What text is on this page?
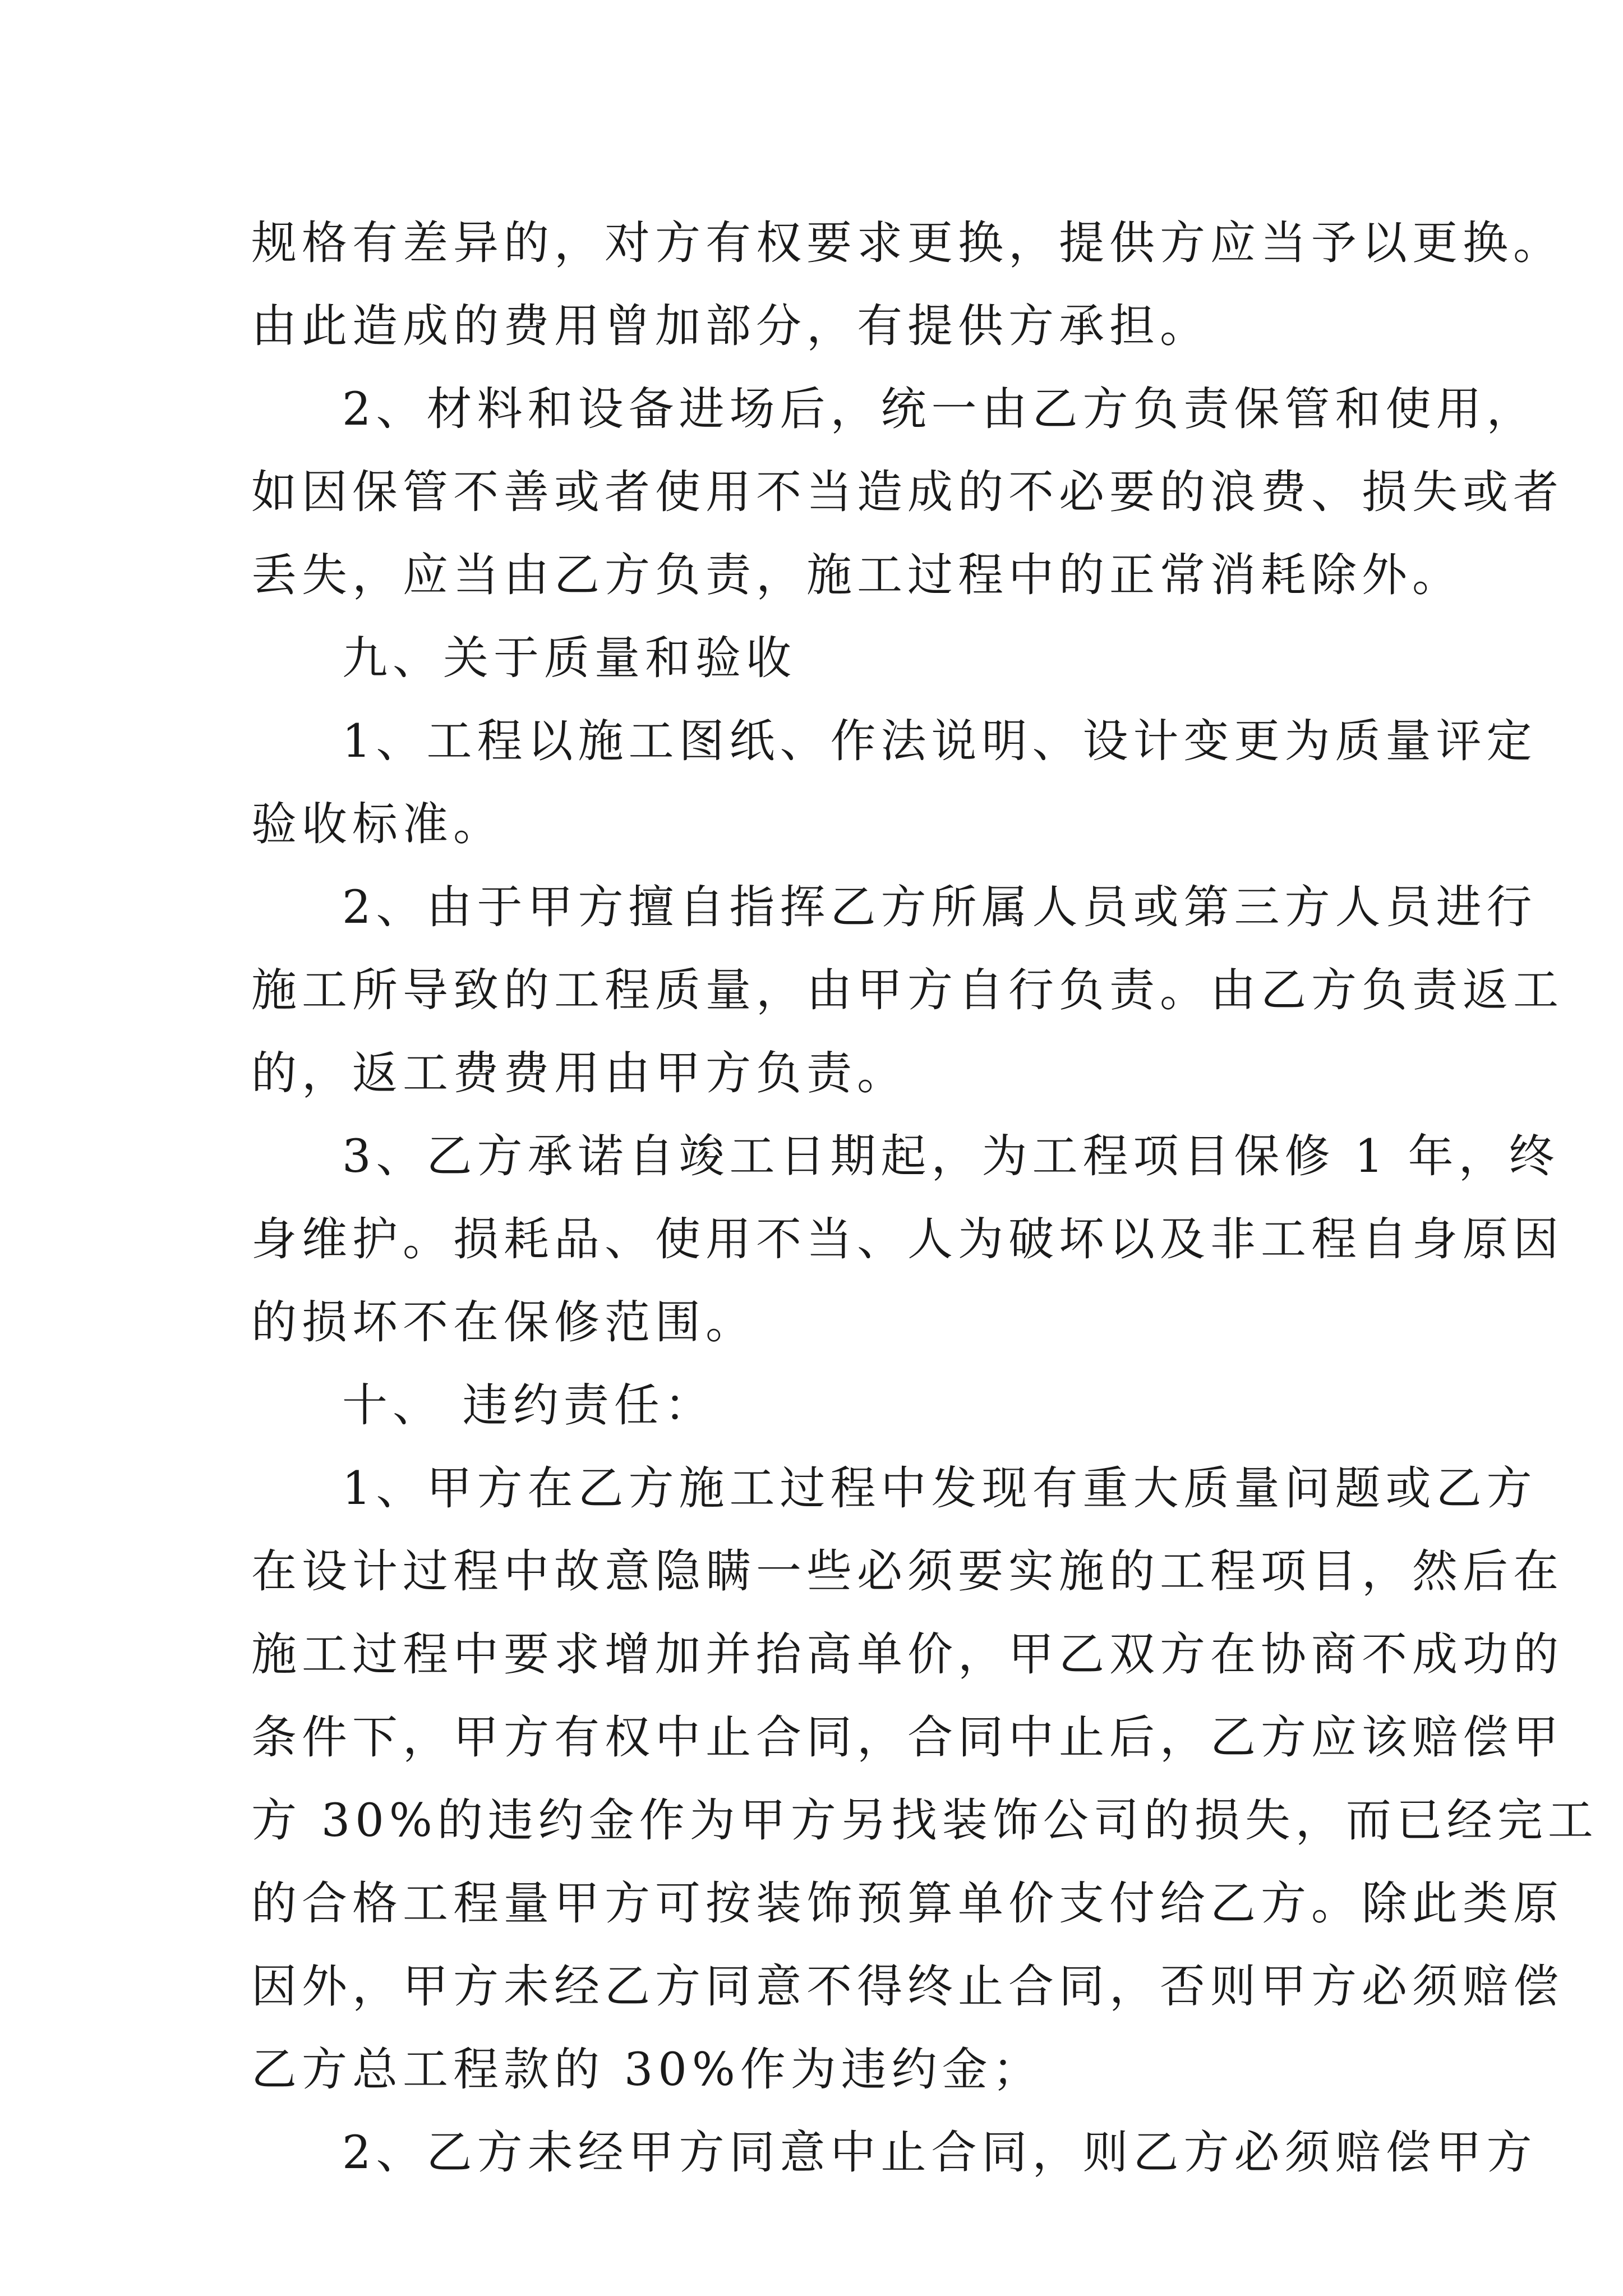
规格有差异的，对方有权要求更换，提供方应当予以更换。
由此造成的费用曾加部分，有提供方承担。

2、材料和设备进场后，统一由乙方负责保管和使用，
如因保管不善或者使用不当造成的不必要的浪费、损失或者
丢失，应当由乙方负责，施工过程中的正常消耗除外。

九、关于质量和验收

1、工程以施工图纸、作法说明、设计变更为质量评定
验收标准。

2、由于甲方擅自指挥乙方所属人员或第三方人员进行
施工所导致的工程质量，由甲方自行负责。由乙方负责返工
的，返工费费用由甲方负责。

3、乙方承诺自竣工日期起，为工程项目保修 1 年，终
身维护。损耗品、使用不当、人为破坏以及非工程自身原因
的损坏不在保修范围。

十、 违约责任：

1、甲方在乙方施工过程中发现有重大质量问题或乙方
在设计过程中故意隐瞒一些必须要实施的工程项目，然后在
施工过程中要求增加并抬高单价，甲乙双方在协商不成功的
条件下，甲方有权中止合同，合同中止后，乙方应该赔偿甲
方 30%的违约金作为甲方另找装饰公司的损失，而已经完工
的合格工程量甲方可按装饰预算单价支付给乙方。除此类原
因外，甲方未经乙方同意不得终止合同，否则甲方必须赔偿
乙方总工程款的 30%作为违约金；

2、乙方未经甲方同意中止合同，则乙方必须赔偿甲方
